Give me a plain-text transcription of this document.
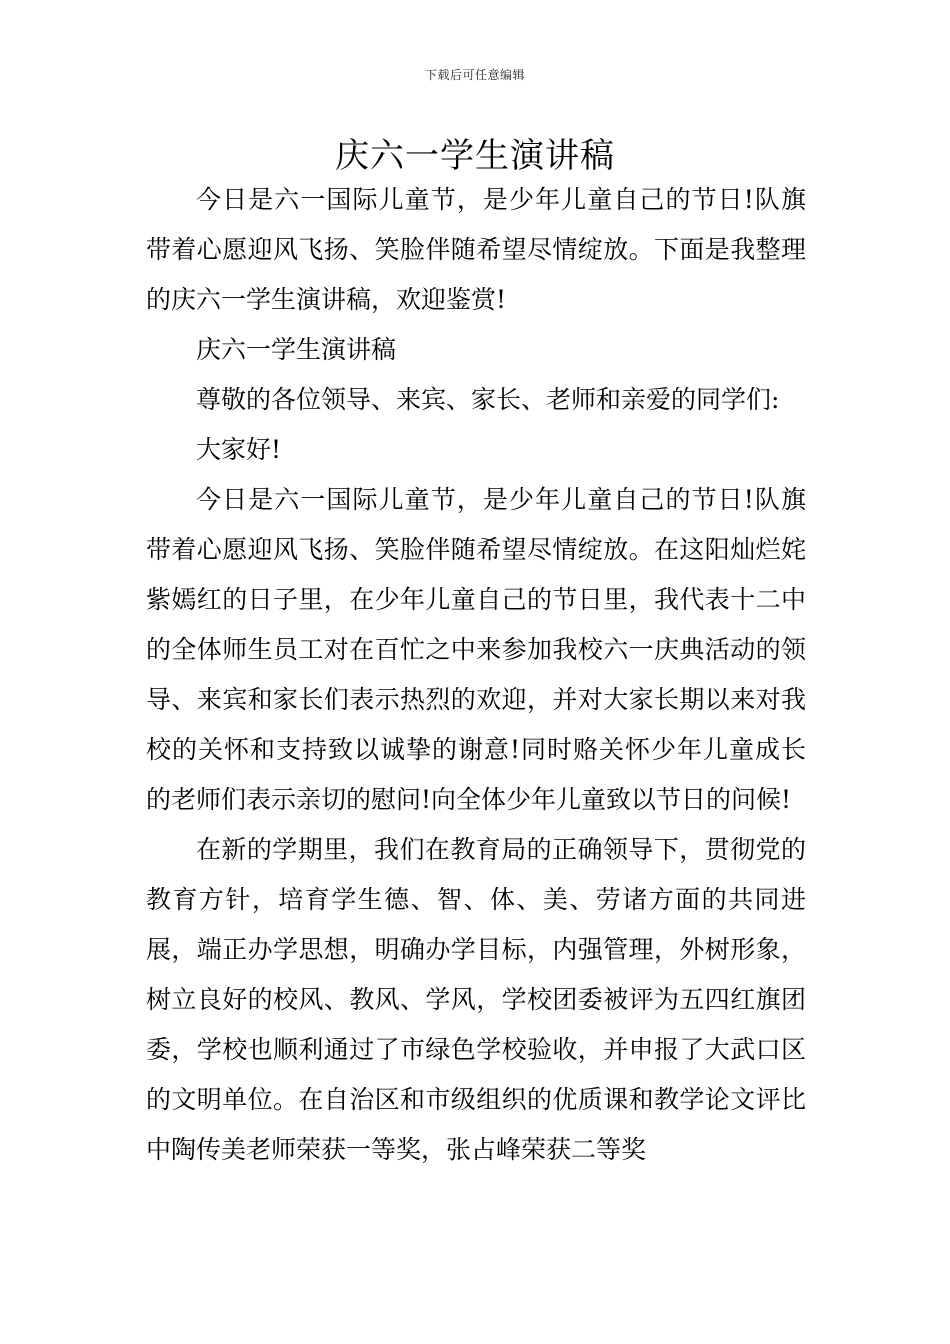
下载后可任意编辑
庆六一学生演讲稿

今日是六一国际儿童节，是少年儿童自己的节日!队旗带着心愿迎风飞扬、笑脸伴随希望尽情绽放。下面是我整理的庆六一学生演讲稿，欢迎鉴赏!

庆六一学生演讲稿

尊敬的各位领导、来宾、家长、老师和亲爱的同学们:

大家好!

今日是六一国际儿童节，是少年儿童自己的节日!队旗带着心愿迎风飞扬、笑脸伴随希望尽情绽放。在这阳灿烂姹紫嫣红的日子里，在少年儿童自己的节日里，我代表十二中的全体师生员工对在百忙之中来参加我校六一庆典活动的领导、来宾和家长们表示热烈的欢迎，并对大家长期以来对我校的关怀和支持致以诚挚的谢意!同时赂关怀少年儿童成长的老师们表示亲切的慰问!向全体少年儿童致以节日的问候!

在新的学期里，我们在教育局的正确领导下，贯彻党的教育方针，培育学生德、智、体、美、劳诸方面的共同进展，端正办学思想，明确办学目标，内强管理，外树形象，树立良好的校风、教风、学风，学校团委被评为五四红旗团委，学校也顺利通过了市绿色学校验收，并申报了大武口区的文明单位。在自治区和市级组织的优质课和教学论文评比中陶传美老师荣获一等奖，张占峰荣获二等奖
